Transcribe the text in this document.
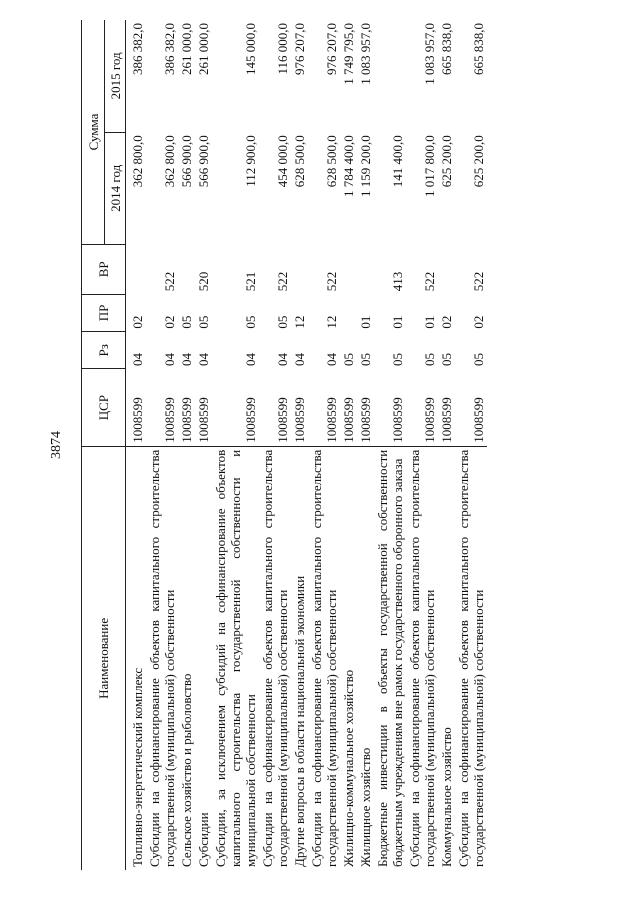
3874
Наименование	ЦСР	Рз	ПР	ВР	Сумма	
					2014 год	2015 год
Топливно-энергетический комплекс	1008599	04	02		362 800,0	386 382,0
Субсидии на софинансирование объектов капитального строительства государственной (муниципальной) собственности	1008599	04	02	522	362 800,0	386 382,0
Сельское хозяйство и рыболовство	1008599	04	05		566 900,0	261 000,0
Субсидии	1008599	04	05	520	566 900,0	261 000,0
Субсидии, за исключением субсидий на софинансирование объектов капитального строительства государственной собственности и муниципальной собственности	1008599	04	05	521	112 900,0	145 000,0
Субсидии на софинансирование объектов капитального строительства государственной (муниципальной) собственности	1008599	04	05	522	454 000,0	116 000,0
Другие вопросы в области национальной экономики	1008599	04	12		628 500,0	976 207,0
Субсидии на софинансирование объектов капитального строительства государственной (муниципальной) собственности	1008599	04	12	522	628 500,0	976 207,0
Жилищно-коммунальное хозяйство	1008599	05			1 784 400,0	1 749 795,0
Жилищное хозяйство	1008599	05	01		1 159 200,0	1 083 957,0
Бюджетные инвестиции в объекты государственной собственности бюджетным учреждениям вне рамок государственного оборонного заказа	1008599	05	01	413	141 400,0	
Субсидии на софинансирование объектов капитального строительства государственной (муниципальной) собственности	1008599	05	01	522	1 017 800,0	1 083 957,0
Коммунальное хозяйство	1008599	05	02		625 200,0	665 838,0
Субсидии на софинансирование объектов капитального строительства государственной (муниципальной) собственности	1008599	05	02	522	625 200,0	665 838,0
